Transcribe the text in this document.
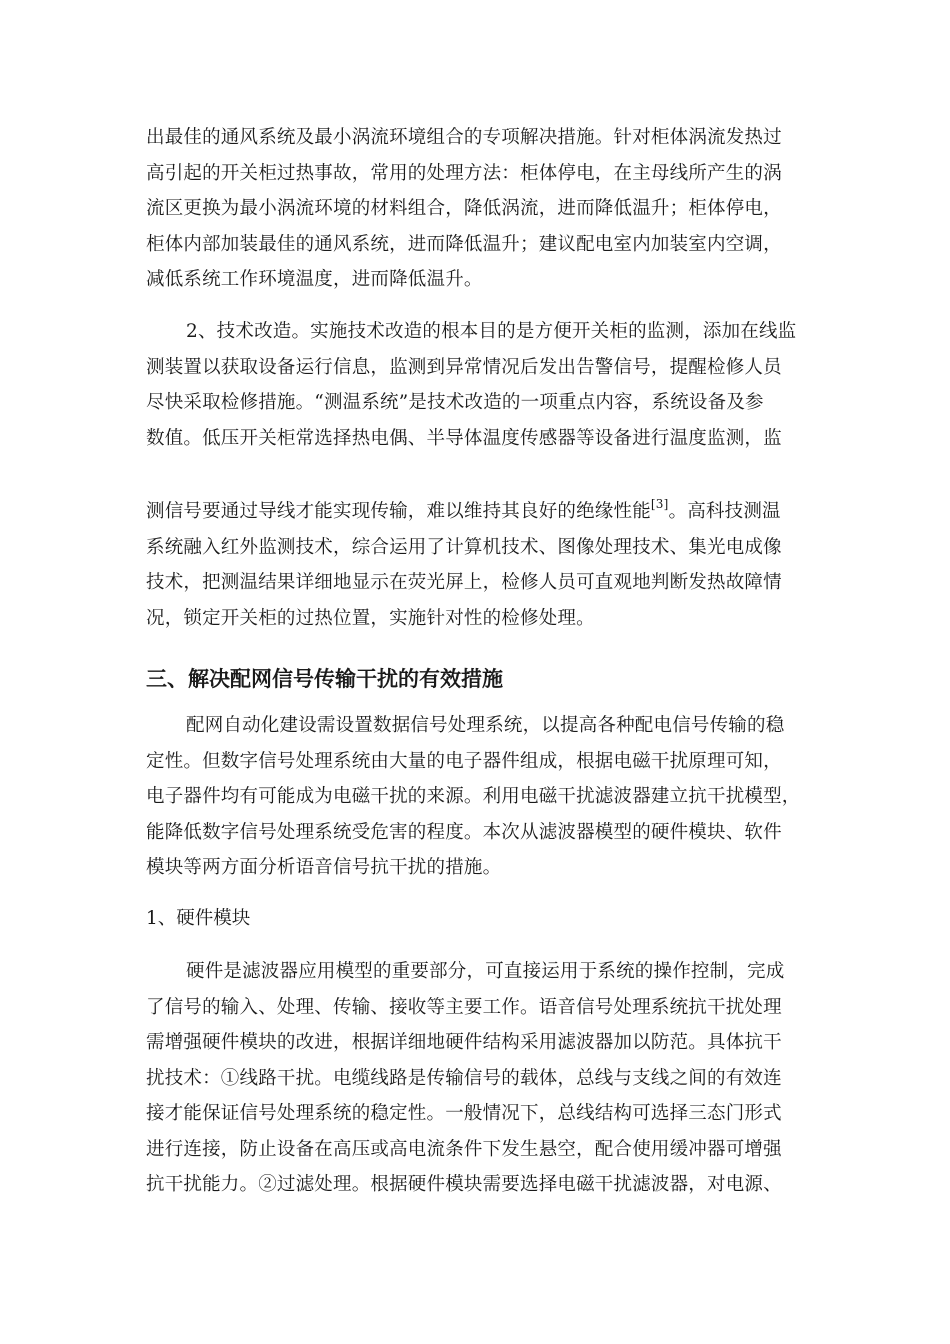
出最佳的通风系统及最小涡流环境组合的专项解决措施。针对柜体涡流发热过
高引起的开关柜过热事故，常用的处理方法：柜体停电，在主母线所产生的涡
流区更换为最小涡流环境的材料组合，降低涡流，进而降低温升；柜体停电，
柜体内部加装最佳的通风系统，进而降低温升；建议配电室内加装室内空调，
减低系统工作环境温度，进而降低温升。
2、技术改造。实施技术改造的根本目的是方便开关柜的监测，添加在线监
测装置以获取设备运行信息，监测到异常情况后发出告警信号，提醒检修人员
尽快采取检修措施。“测温系统”是技术改造的一项重点内容，系统设备及参
数值。低压开关柜常选择热电偶、半导体温度传感器等设备进行温度监测，监
测信号要通过导线才能实现传输，难以维持其良好的绝缘性能[3]。高科技测温
系统融入红外监测技术，综合运用了计算机技术、图像处理技术、集光电成像
技术，把测温结果详细地显示在荧光屏上，检修人员可直观地判断发热故障情
况，锁定开关柜的过热位置，实施针对性的检修处理。
三、解决配网信号传输干扰的有效措施
配网自动化建设需设置数据信号处理系统，以提高各种配电信号传输的稳
定性。但数字信号处理系统由大量的电子器件组成，根据电磁干扰原理可知，
电子器件均有可能成为电磁干扰的来源。利用电磁干扰滤波器建立抗干扰模型，
能降低数字信号处理系统受危害的程度。本次从滤波器模型的硬件模块、软件
模块等两方面分析语音信号抗干扰的措施。
1、硬件模块
硬件是滤波器应用模型的重要部分，可直接运用于系统的操作控制，完成
了信号的输入、处理、传输、接收等主要工作。语音信号处理系统抗干扰处理
需增强硬件模块的改进，根据详细地硬件结构采用滤波器加以防范。具体抗干
扰技术：①线路干扰。电缆线路是传输信号的载体，总线与支线之间的有效连
接才能保证信号处理系统的稳定性。一般情况下，总线结构可选择三态门形式
进行连接，防止设备在高压或高电流条件下发生悬空，配合使用缓冲器可增强
抗干扰能力。②过滤处理。根据硬件模块需要选择电磁干扰滤波器，对电源、
